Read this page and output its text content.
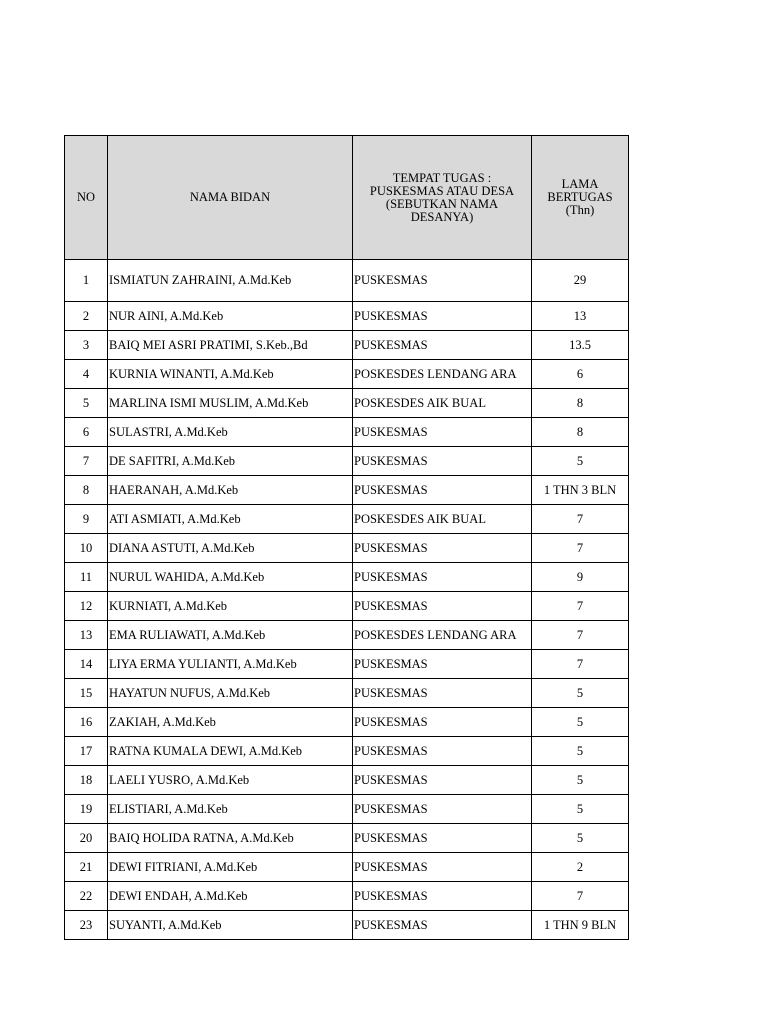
NO	NAMA BIDAN	TEMPAT TUGAS :
PUSKESMAS ATAU DESA
(SEBUTKAN NAMA
DESANYA)	LAMA
BERTUGAS
(Thn)
1	ISMIATUN ZAHRAINI, A.Md.Keb	PUSKESMAS	29
2	NUR AINI, A.Md.Keb	PUSKESMAS	13
3	BAIQ MEI ASRI PRATIMI, S.Keb.,Bd	PUSKESMAS	13.5
4	KURNIA WINANTI, A.Md.Keb	POSKESDES LENDANG ARA	6
5	MARLINA ISMI MUSLIM, A.Md.Keb	POSKESDES AIK BUAL	8
6	SULASTRI, A.Md.Keb	PUSKESMAS	8
7	DE SAFITRI, A.Md.Keb	PUSKESMAS	5
8	HAERANAH, A.Md.Keb	PUSKESMAS	1 THN 3 BLN
9	ATI ASMIATI, A.Md.Keb	POSKESDES AIK BUAL	7
10	DIANA ASTUTI, A.Md.Keb	PUSKESMAS	7
11	NURUL WAHIDA, A.Md.Keb	PUSKESMAS	9
12	KURNIATI, A.Md.Keb	PUSKESMAS	7
13	EMA RULIAWATI, A.Md.Keb	POSKESDES LENDANG ARA	7
14	LIYA ERMA YULIANTI, A.Md.Keb	PUSKESMAS	7
15	HAYATUN NUFUS, A.Md.Keb	PUSKESMAS	5
16	ZAKIAH, A.Md.Keb	PUSKESMAS	5
17	RATNA KUMALA DEWI, A.Md.Keb	PUSKESMAS	5
18	LAELI YUSRO, A.Md.Keb	PUSKESMAS	5
19	ELISTIARI, A.Md.Keb	PUSKESMAS	5
20	BAIQ HOLIDA RATNA, A.Md.Keb	PUSKESMAS	5
21	DEWI FITRIANI, A.Md.Keb	PUSKESMAS	2
22	DEWI ENDAH, A.Md.Keb	PUSKESMAS	7
23	SUYANTI, A.Md.Keb	PUSKESMAS	1 THN 9 BLN
